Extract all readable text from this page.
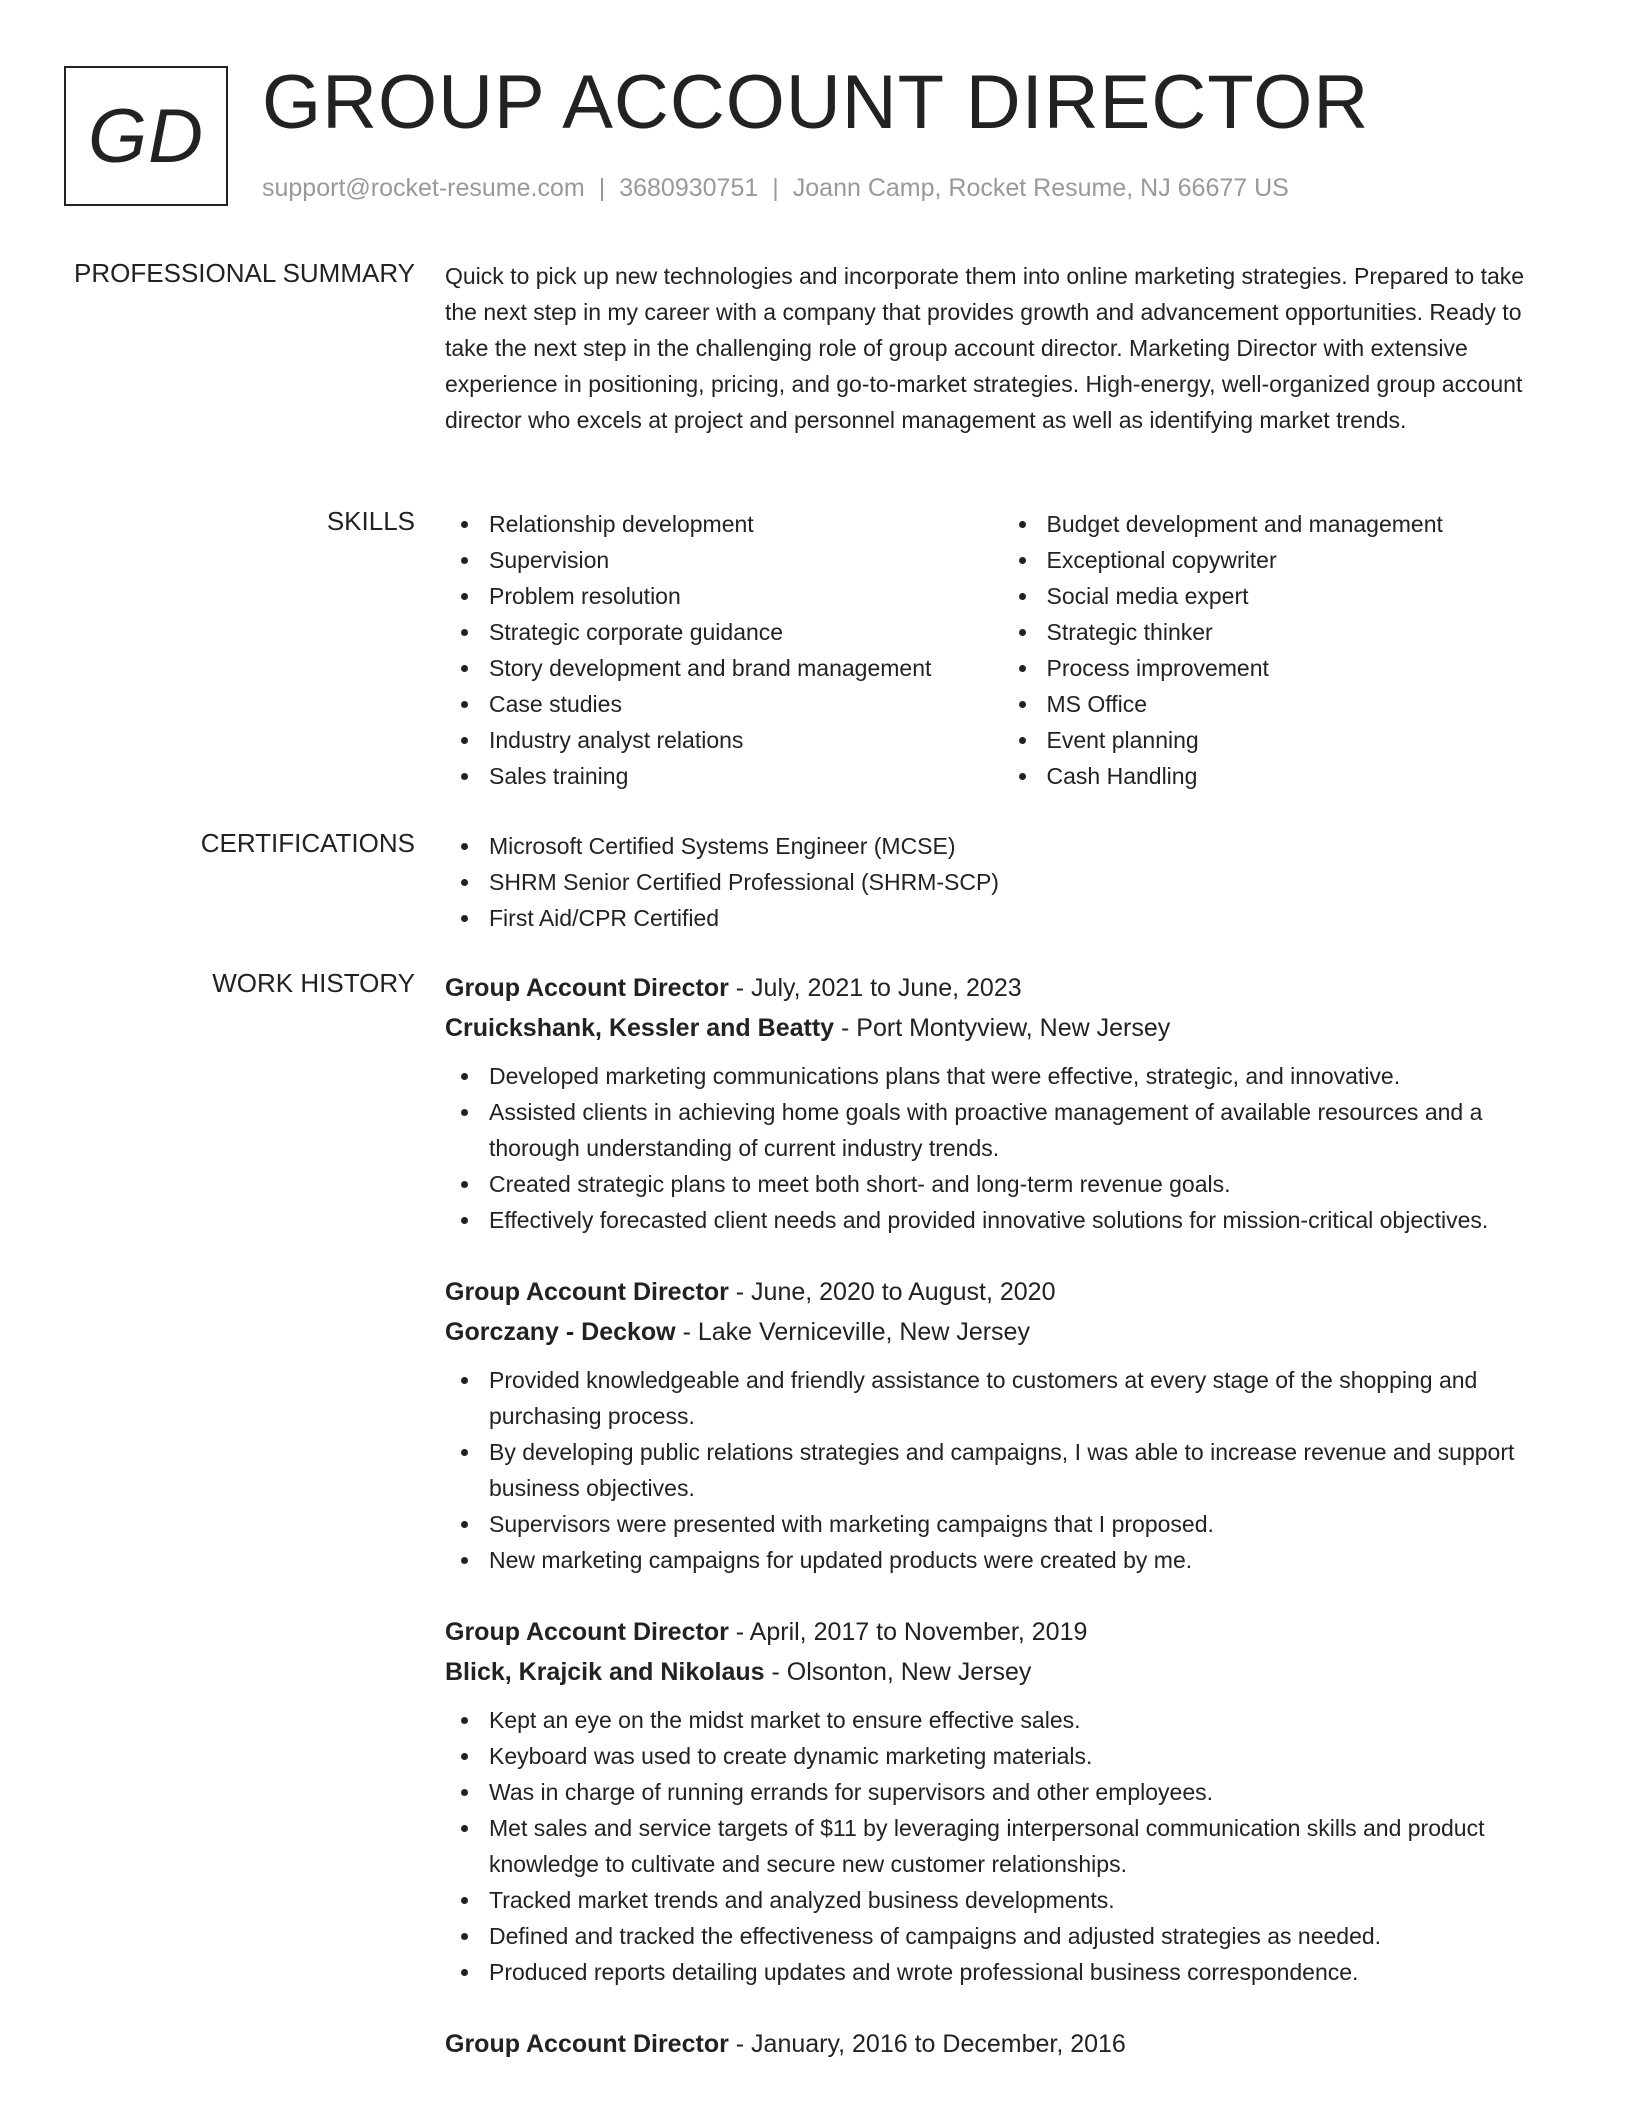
GD GROUP ACCOUNT DIRECTOR
support@rocket-resume.com | 3680930751 | Joann Camp, Rocket Resume, NJ 66677 US
PROFESSIONAL SUMMARY Quick to pick up new technologies and incorporate them into online marketing strategies. Prepared to take the next step in my career with a company that provides growth and advancement opportunities. Ready to take the next step in the challenging role of group account director. Marketing Director with extensive experience in positioning, pricing, and go-to-market strategies. High-energy, well-organized group account director who excels at project and personnel management as well as identifying market trends.

SKILLS	Relationship development
Supervision
Problem resolution
Strategic corporate guidance
Story development and brand management
Case studies
Industry analyst relations
Sales training
Budget development and management
Exceptional copywriter
Social media expert
Strategic thinker
Process improvement
MS Office
Event planning
Cash Handling
CERTIFICATIONS	Microsoft Certified Systems Engineer (MCSE)
SHRM Senior Certified Professional (SHRM-SCP)
First Aid/CPR Certified
WORK HISTORY Group Account Director - July, 2021 to June, 2023
Cruickshank, Kessler and Beatty - Port Montyview, New Jersey
Developed marketing communications plans that were effective, strategic, and innovative.
Assisted clients in achieving home goals with proactive management of available resources and a thorough understanding of current industry trends.
Created strategic plans to meet both short- and long-term revenue goals.
Effectively forecasted client needs and provided innovative solutions for mission-critical objectives.
Group Account Director - June, 2020 to August, 2020
Gorczany - Deckow - Lake Verniceville, New Jersey
Provided knowledgeable and friendly assistance to customers at every stage of the shopping and purchasing process.
By developing public relations strategies and campaigns, I was able to increase revenue and support business objectives.
Supervisors were presented with marketing campaigns that I proposed.
New marketing campaigns for updated products were created by me.
Group Account Director - April, 2017 to November, 2019
Blick, Krajcik and Nikolaus - Olsonton, New Jersey
Kept an eye on the midst market to ensure effective sales.
Keyboard was used to create dynamic marketing materials.
Was in charge of running errands for supervisors and other employees.
Met sales and service targets of $11 by leveraging interpersonal communication skills and product knowledge to cultivate and secure new customer relationships.
Tracked market trends and analyzed business developments.
Defined and tracked the effectiveness of campaigns and adjusted strategies as needed.
Produced reports detailing updates and wrote professional business correspondence.
Group Account Director - January, 2016 to December, 2016
